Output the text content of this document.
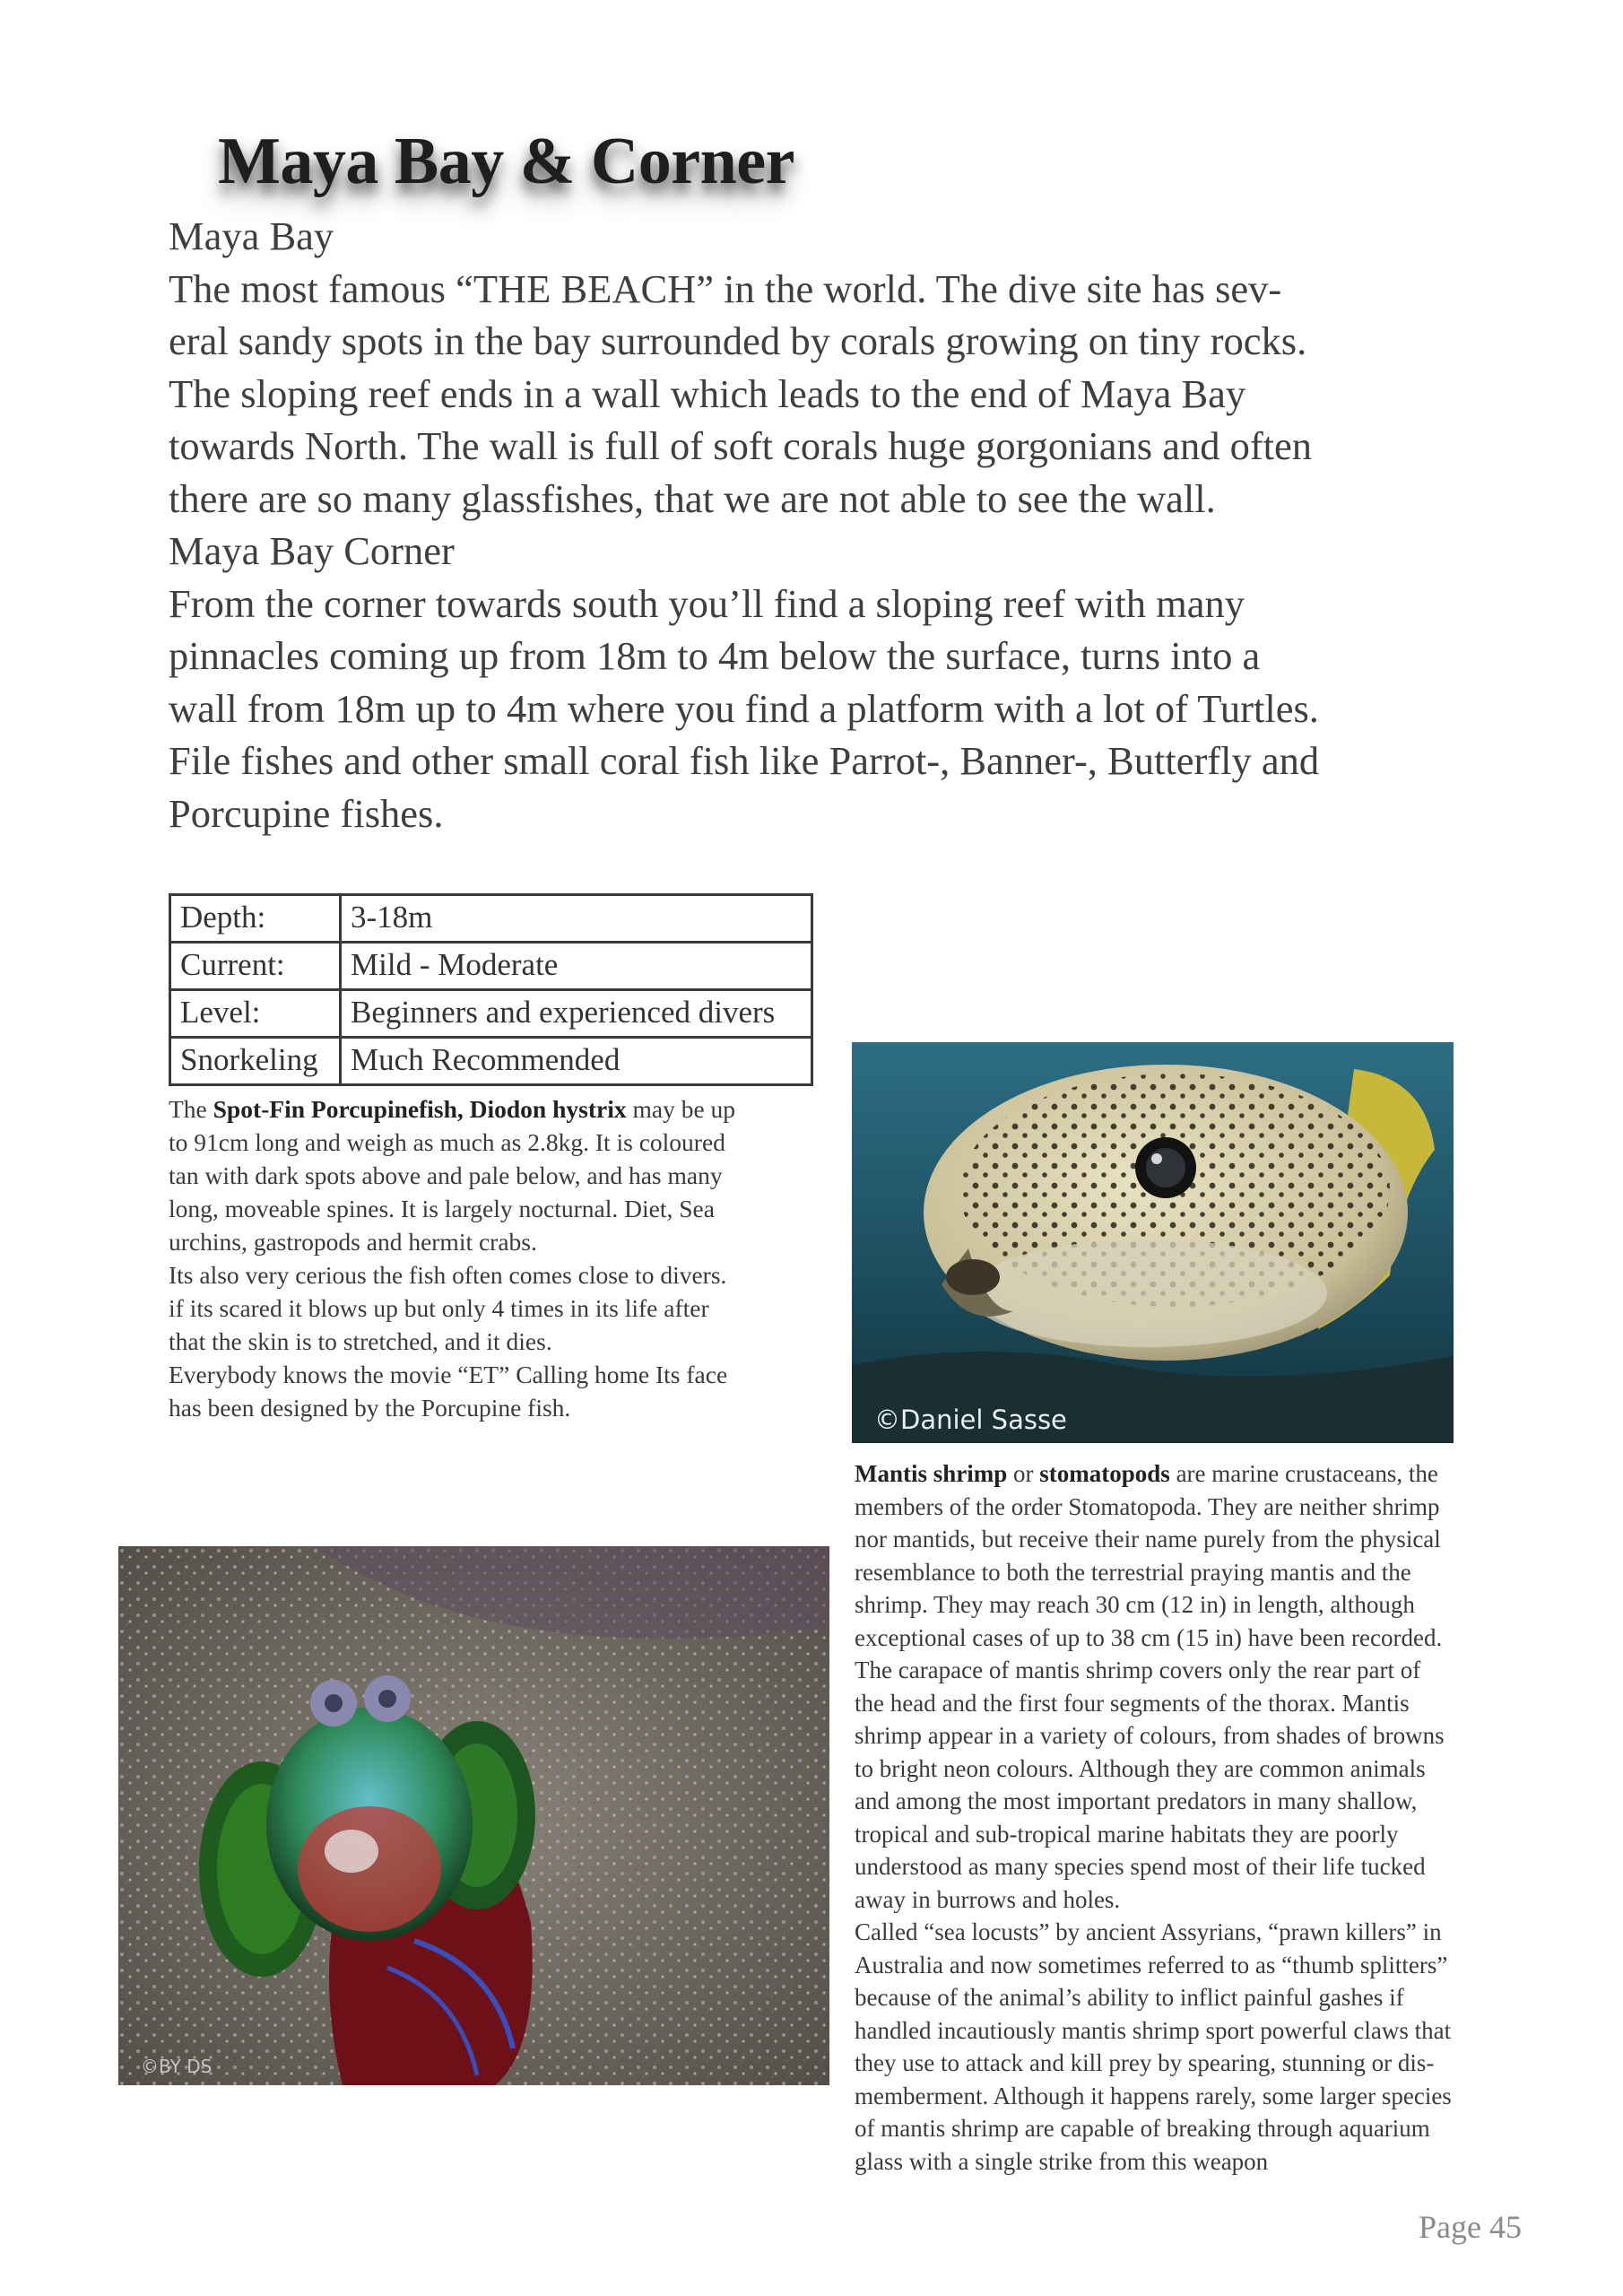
Maya Bay & Corner

Maya Bay

The most famous “THE BEACH” in the world. The dive site has sev-

eral sandy spots in the bay surrounded by corals growing on tiny rocks.

The sloping reef ends in a wall which leads to the end of Maya Bay

towards North. The wall is full of soft corals huge gorgonians and often

there are so many glassfishes, that we are not able to see the wall.

Maya Bay Corner

From the corner towards south you’ll find a sloping reef with many

pinnacles coming up from 18m to 4m below the surface, turns into a

wall from 18m up to 4m where you find a platform with a lot of Turtles.

File fishes and other small coral fish like Parrot-, Banner-, Butterfly and

Porcupine fishes.

Depth:	3-18m
Current:	Mild - Moderate
Level:	Beginners and experienced divers
Snorkeling	Much Recommended

The Spot-Fin Porcupinefish, Diodon hystrix may be up

to 91cm long and weigh as much as 2.8kg. It is coloured

tan with dark spots above and pale below, and has many

long, moveable spines. It is largely nocturnal. Diet, Sea

urchins, gastropods and hermit crabs.

Its also very cerious the fish often comes close to divers.

if its scared it blows up but only 4 times in its life after

that the skin is to stretched, and it dies.

Everybody knows the movie “ET” Calling home Its face

has been designed by the Porcupine fish.	©Daniel Sasse

Mantis shrimp or stomatopods are marine crustaceans, the

members of the order Stomatopoda. They are neither shrimp

nor mantids, but receive their name purely from the physical

resemblance to both the terrestrial praying mantis and the

shrimp. They may reach 30 cm (12 in) in length, although

exceptional cases of up to 38 cm (15 in) have been recorded.

The carapace of mantis shrimp covers only the rear part of

the head and the first four segments of the thorax. Mantis

shrimp appear in a variety of colours, from shades of browns

to bright neon colours. Although they are common animals

and among the most important predators in many shallow,

tropical and sub-tropical marine habitats they are poorly

understood as many species spend most of their life tucked

away in burrows and holes.

Called “sea locusts” by ancient Assyrians, “prawn killers” in

Australia and now sometimes referred to as “thumb splitters”

because of the animal’s ability to inflict painful gashes if

handled incautiously mantis shrimp sport powerful claws that

they use to attack and kill prey by spearing, stunning or dis-

memberment. Although it happens rarely, some larger species

of mantis shrimp are capable of breaking through aquarium

glass with a single strike from this weapon

©BY DS
Page 45
